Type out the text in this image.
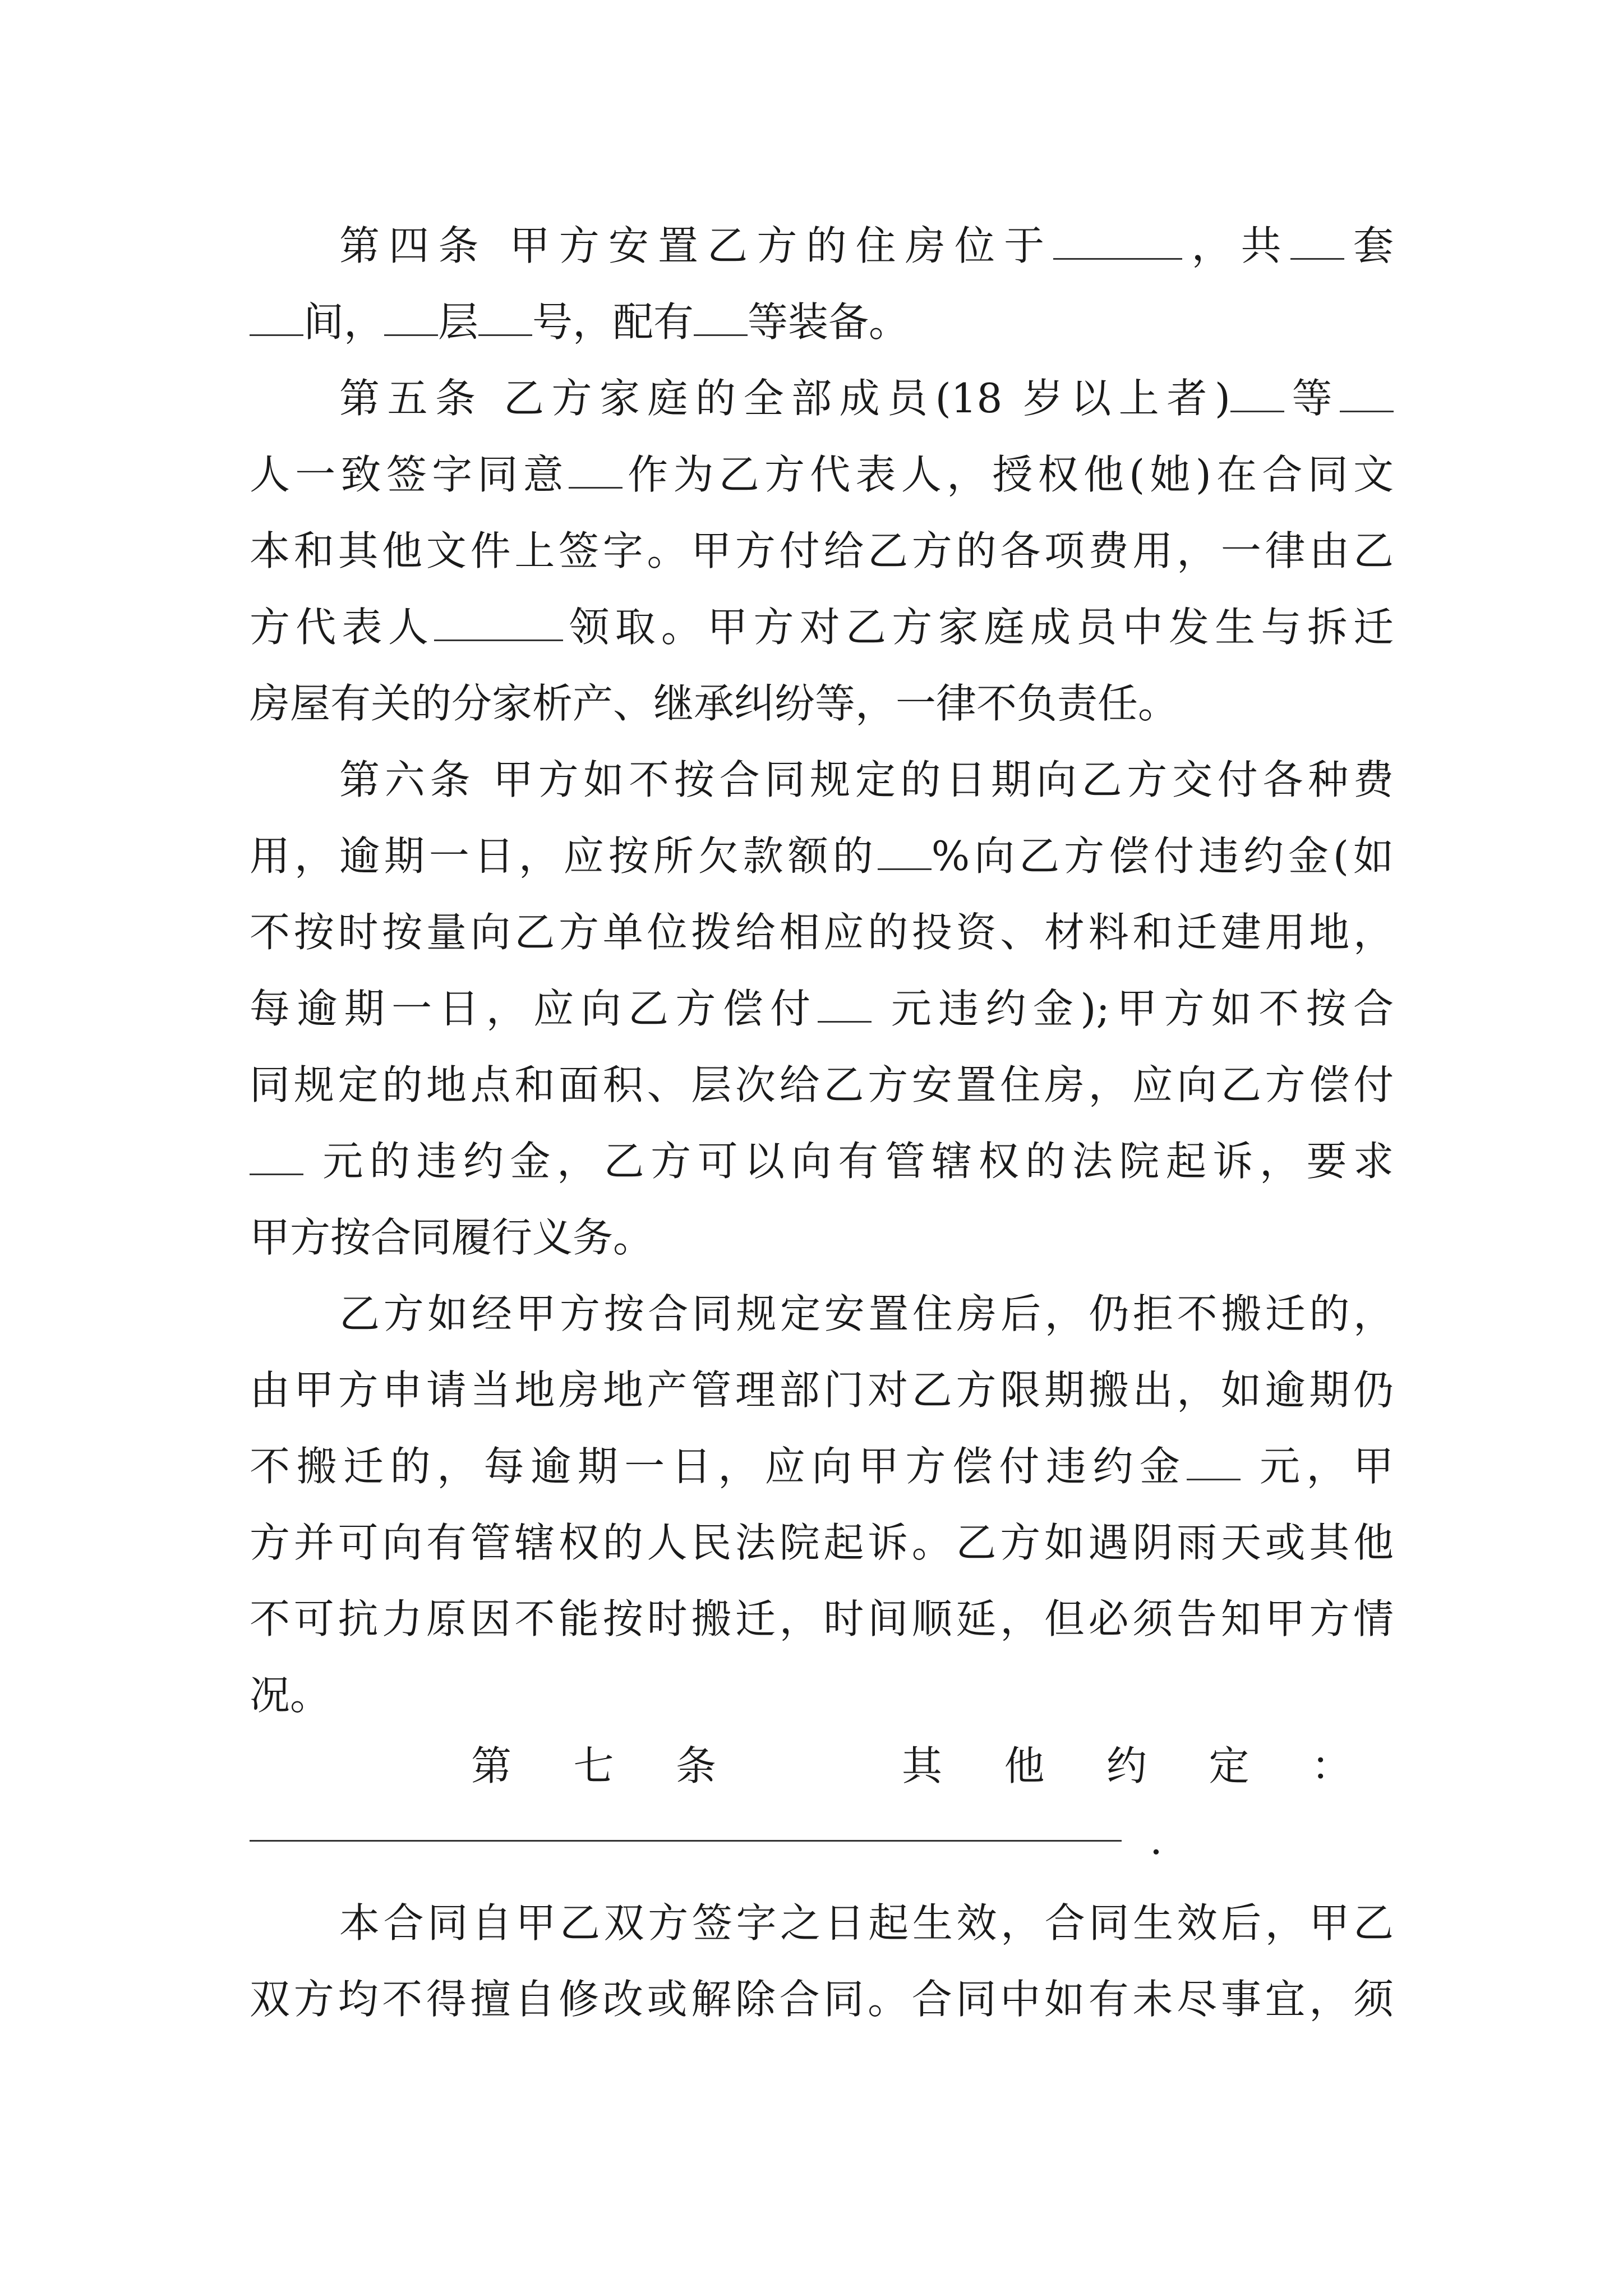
第四条 甲方安置乙方的住房位于	，共 套
间， 层 号，配有 等装备。
第五条 乙方家庭的全部成员(18 岁以上者) 等
人一致签字同意 作为乙方代表人，授权他(她)在合同文
本和其他文件上签字。甲方付给乙方的各项费用，一律由乙
方代表人	领取。甲方对乙方家庭成员中发生与拆迁
房屋有关的分家析产、继承纠纷等，一律不负责任。
第六条 甲方如不按合同规定的日期向乙方交付各种费
用，逾期一日，应按所欠款额的 %向乙方偿付违约金(如
不按时按量向乙方单位拨给相应的投资、材料和迁建用地，
每逾期一日，应向乙方偿付 元违约金);甲方如不按合
同规定的地点和面积、层次给乙方安置住房，应向乙方偿付
元的违约金，乙方可以向有管辖权的法院起诉，要求
甲方按合同履行义务。
乙方如经甲方按合同规定安置住房后，仍拒不搬迁的，
由甲方申请当地房地产管理部门对乙方限期搬出，如逾期仍
不搬迁的，每逾期一日，应向甲方偿付违约金 元，甲
方并可向有管辖权的人民法院起诉。乙方如遇阴雨天或其他
不可抗力原因不能按时搬迁，时间顺延，但必须告知甲方情
况。
第 七 条	其 他 约 定 ：
.
本合同自甲乙双方签字之日起生效，合同生效后，甲乙
双方均不得擅自修改或解除合同。合同中如有未尽事宜，须
